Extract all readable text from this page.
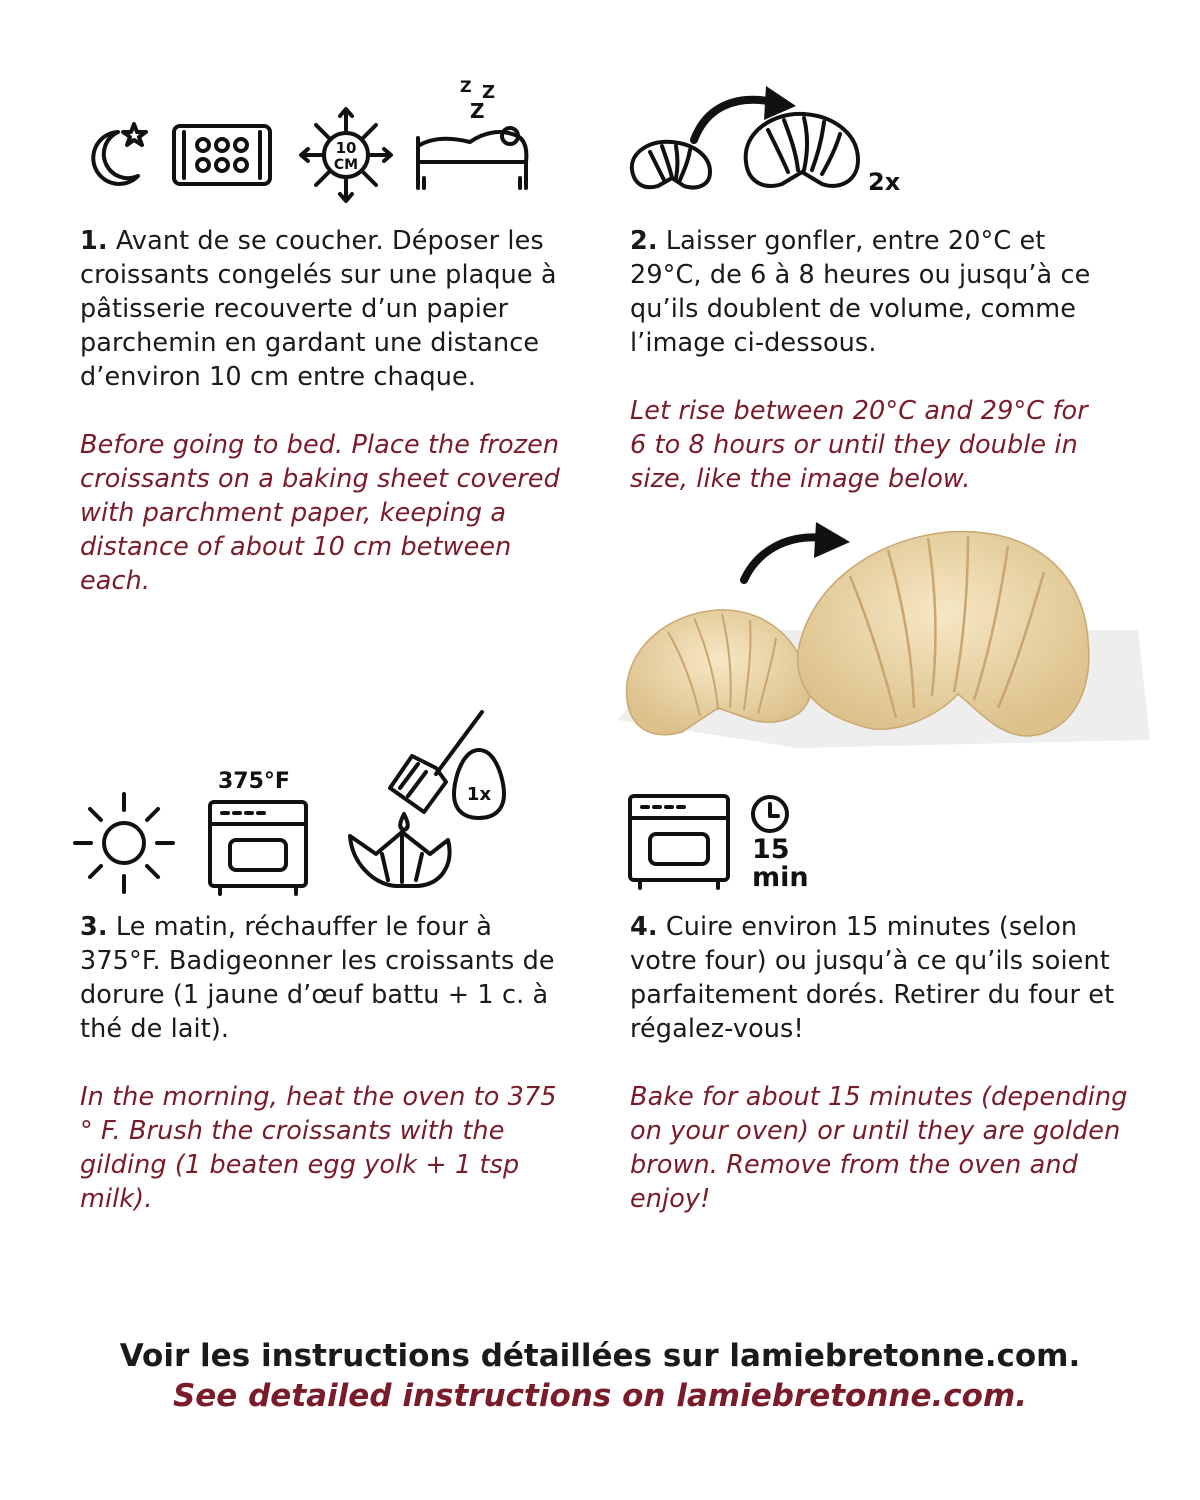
10
CM
Z Z
Z
2x
375°F
1x
15
min

1. Avant de se coucher. Déposer les croissants congelés sur une plaque à pâtisserie recouverte d’un papier parchemin en gardant une distance d’environ 10 cm entre chaque.

Before going to bed. Place the frozen croissants on a baking sheet covered with parchment paper, keeping a distance of about 10 cm between each.

2. Laisser gonfler, entre 20°C et 29°C, de 6 à 8 heures ou jusqu’à ce qu’ils doublent de volume, comme l’image ci-dessous.

Let rise between 20°C and 29°C for 6 to 8 hours or until they double in size, like the image below.

3. Le matin, réchauffer le four à 375°F. Badigeonner les croissants de dorure (1 jaune d’œuf battu + 1 c. à thé de lait).

In the morning, heat the oven to 375 ° F. Brush the croissants with the gilding (1 beaten egg yolk + 1 tsp milk).

4. Cuire environ 15 minutes (selon votre four) ou jusqu’à ce qu’ils soient parfaitement dorés. Retirer du four et régalez-vous!

Bake for about 15 minutes (depending on your oven) or until they are golden brown. Remove from the oven and enjoy!

Voir les instructions détaillées sur lamiebretonne.com.

See detailed instructions on lamiebretonne.com.
